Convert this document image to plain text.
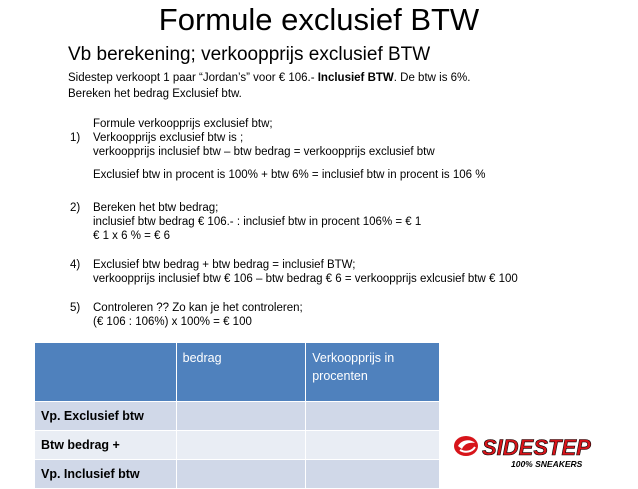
Formule exclusief BTW
Vb berekening; verkoopprijs exclusief BTW
Sidestep verkoopt 1 paar “Jordan’s” voor € 106.- Inclusief BTW. De btw is 6%.
Bereken het bedrag Exclusief btw.
Formule verkoopprijs exclusief btw;
1) Verkoopprijs exclusief btw is ;
verkoopprijs inclusief btw – btw bedrag = verkoopprijs exclusief btw
Exclusief btw in procent is 100% + btw 6% = inclusief btw in procent is 106 %
2) Bereken het btw bedrag;
inclusief btw bedrag € 106.- : inclusief btw in procent 106% = € 1
€ 1 x 6 % = € 6
4) Exclusief btw bedrag + btw bedrag = inclusief BTW;
verkoopprijs inclusief btw € 106 – btw bedrag € 6 = verkoopprijs exlcusief btw € 100
5) Controleren ?? Zo kan je het controleren;
(€ 106 : 106%) x 100% = € 100
	bedrag	Verkoopprijs in procenten
Vp. Exclusief btw		
Btw bedrag +		
Vp. Inclusief btw		
SIDESTEP
100% SNEAKERS
